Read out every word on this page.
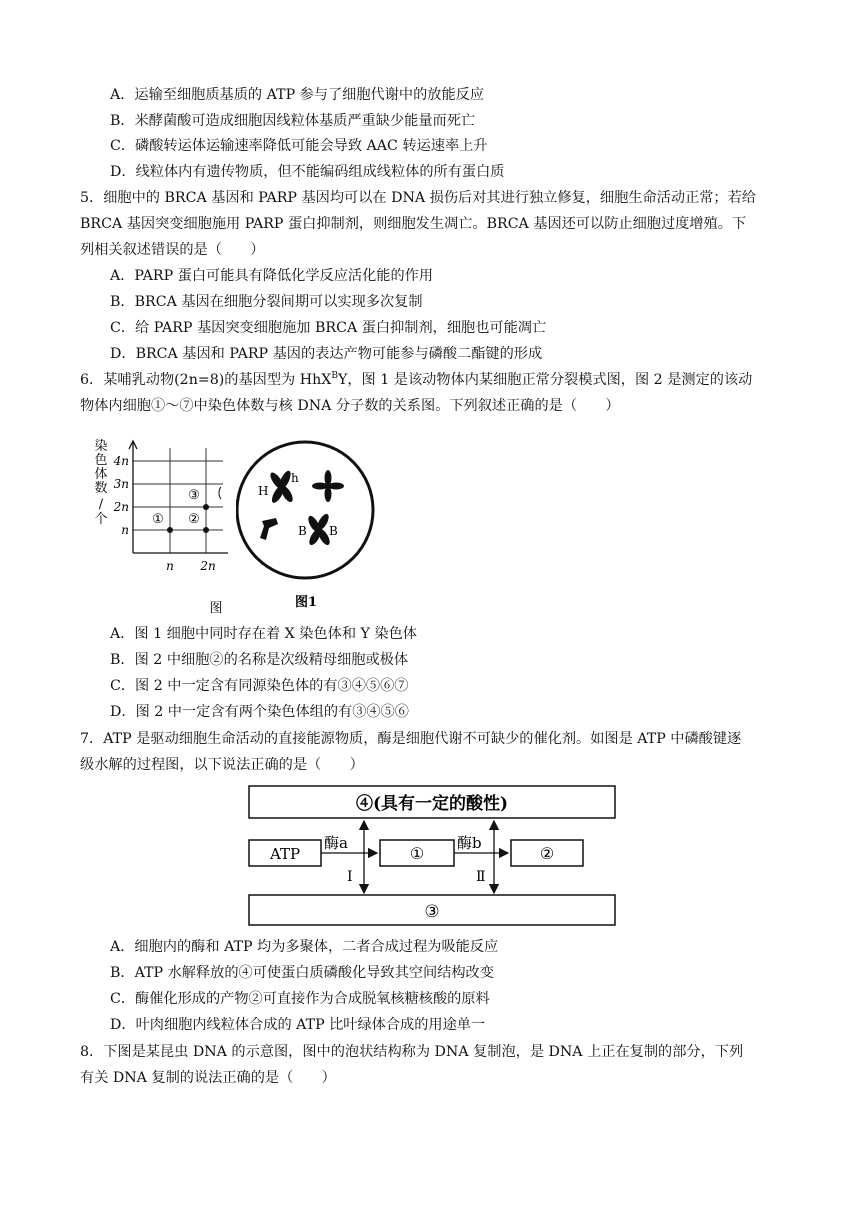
A．运输至细胞质基质的 ATP 参与了细胞代谢中的放能反应
B．米酵菌酸可造成细胞因线粒体基质严重缺少能量而死亡
C．磷酸转运体运输速率降低可能会导致 AAC 转运速率上升
D．线粒体内有遗传物质，但不能编码组成线粒体的所有蛋白质
5．细胞中的 BRCA 基因和 PARP 基因均可以在 DNA 损伤后对其进行独立修复，细胞生命活动正常；若给
BRCA 基因突变细胞施用 PARP 蛋白抑制剂，则细胞发生凋亡。BRCA 基因还可以防止细胞过度增殖。下
列相关叙述错误的是（　　）
A．PARP 蛋白可能具有降低化学反应活化能的作用
B．BRCA 基因在细胞分裂间期可以实现多次复制
C．给 PARP 基因突变细胞施加 BRCA 蛋白抑制剂，细胞也可能凋亡
D．BRCA 基因和 PARP 基因的表达产物可能参与磷酸二酯键的形成
6．某哺乳动物(2n=8)的基因型为 HhX$^B$Y，图 1 是该动物体内某细胞正常分裂模式图，图 2 是测定的该动
物体内细胞①～⑦中染色体数与核 DNA 分子数的关系图。下列叙述正确的是（　　）
染
色
体
数
/
个
4n
3n
2n
n
n 2n
① ②
③
图
H
h
B B
图1
A．图 1 细胞中同时存在着 X 染色体和 Y 染色体
B．图 2 中细胞②的名称是次级精母细胞或极体
C．图 2 中一定含有同源染色体的有③④⑤⑥⑦
D．图 2 中一定含有两个染色体组的有③④⑤⑥
7．ATP 是驱动细胞生命活动的直接能源物质，酶是细胞代谢不可缺少的催化剂。如图是 ATP 中磷酸键逐
级水解的过程图，以下说法正确的是（　　）
④(具有一定的酸性)
ATP
酶a
①
酶b
②
Ⅰ	Ⅱ
③
A．细胞内的酶和 ATP 均为多聚体，二者合成过程为吸能反应
B．ATP 水解释放的④可使蛋白质磷酸化导致其空间结构改变
C．酶催化形成的产物②可直接作为合成脱氧核糖核酸的原料
D．叶肉细胞内线粒体合成的 ATP 比叶绿体合成的用途单一
8．下图是某昆虫 DNA 的示意图，图中的泡状结构称为 DNA 复制泡，是 DNA 上正在复制的部分，下列
有关 DNA 复制的说法正确的是（　　）
